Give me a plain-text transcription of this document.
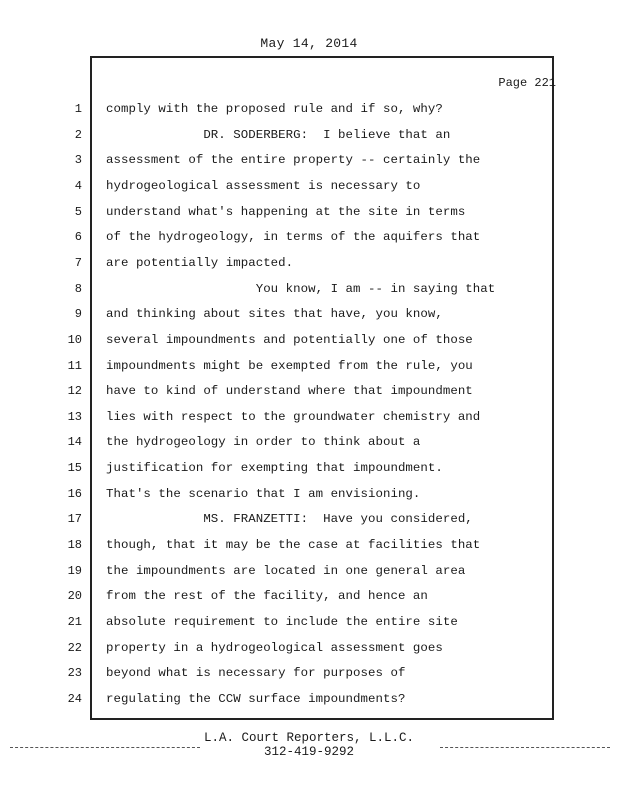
May 14, 2014
Page 221
1 comply with the proposed rule and if so, why?
2 DR. SODERBERG:  I believe that an
3 assessment of the entire property -- certainly the
4 hydrogeological assessment is necessary to
5 understand what's happening at the site in terms
6 of the hydrogeology, in terms of the aquifers that
7 are potentially impacted.
8 You know, I am -- in saying that
9 and thinking about sites that have, you know,
10 several impoundments and potentially one of those
11 impoundments might be exempted from the rule, you
12 have to kind of understand where that impoundment
13 lies with respect to the groundwater chemistry and
14 the hydrogeology in order to think about a
15 justification for exempting that impoundment.
16 That's the scenario that I am envisioning.
17 MS. FRANZETTI:  Have you considered,
18 though, that it may be the case at facilities that
19 the impoundments are located in one general area
20 from the rest of the facility, and hence an
21 absolute requirement to include the entire site
22 property in a hydrogeological assessment goes
23 beyond what is necessary for purposes of
24 regulating the CCW surface impoundments?
L.A. Court Reporters, L.L.C.
312-419-9292
